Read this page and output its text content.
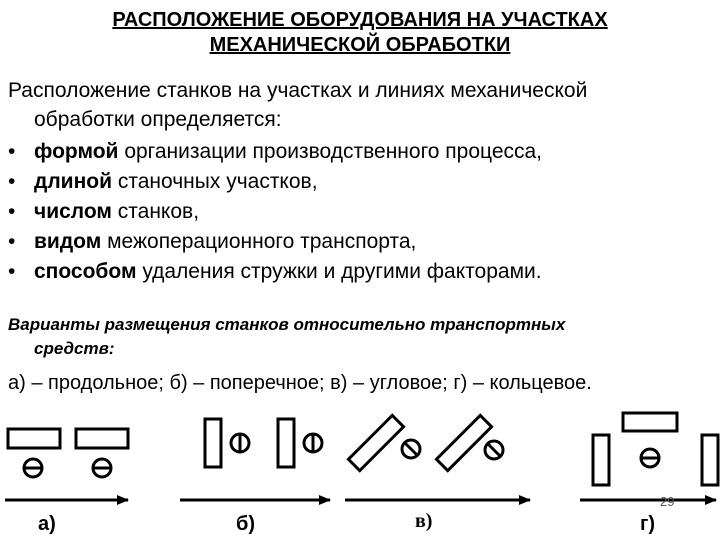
РАСПОЛОЖЕНИЕ ОБОРУДОВАНИЯ НА УЧАСТКАХ
МЕХАНИЧЕСКОЙ ОБРАБОТКИ
Расположение станков на участках и линиях механической
обработки определяется:
• формой организации производственного процесса,
• длиной станочных участков,
• числом станков,
• видом межоперационного транспорта,
• способом удаления стружки и другими факторами.
Варианты размещения станков относительно транспортных
средств:
а) – продольное; б) – поперечное; в) – угловое; г) – кольцевое.
а)	б)	в)	г)
29
